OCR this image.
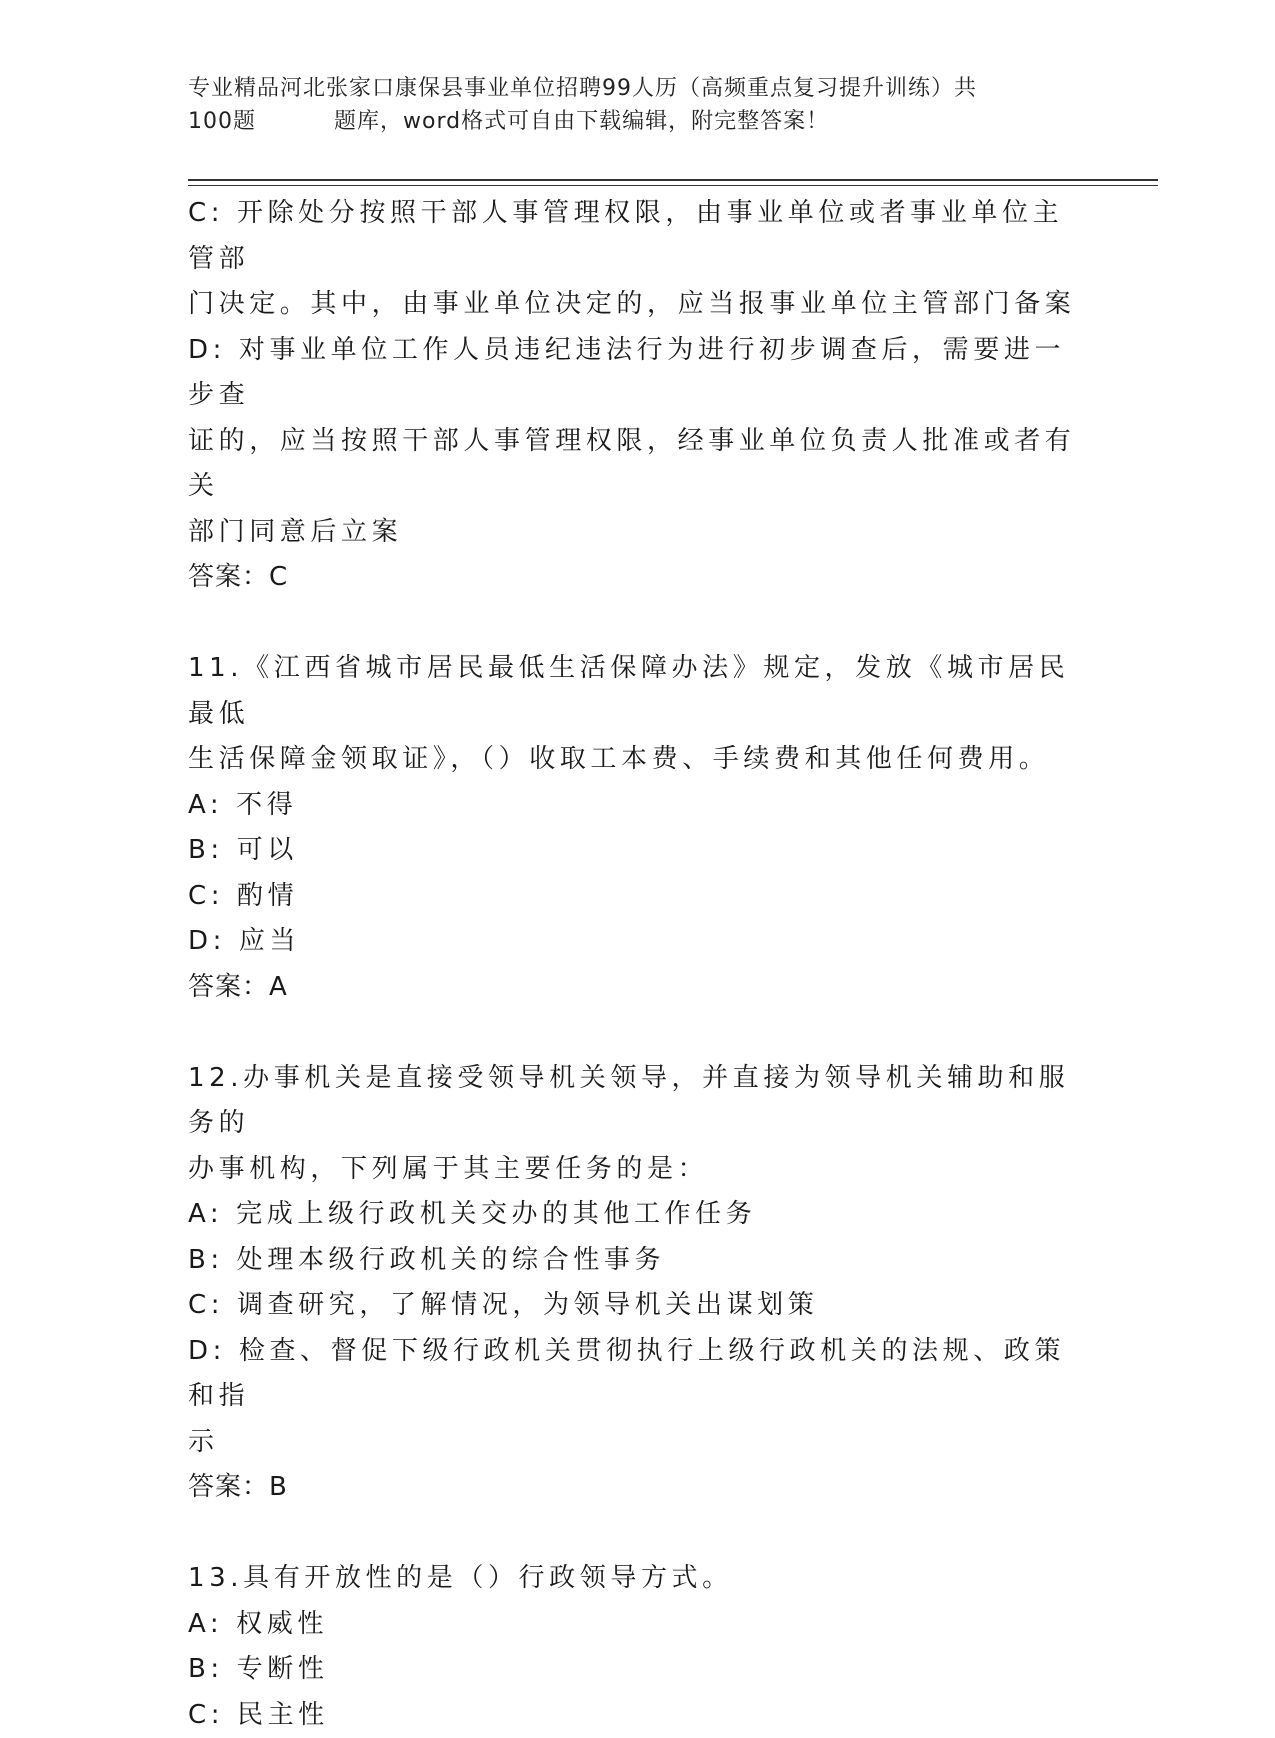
专业精品河北张家口康保县事业单位招聘99人历（高频重点复习提升训练）共
100题	题库，word格式可自由下载编辑，附完整答案！

C: 开除处分按照干部人事管理权限，由事业单位或者事业单位主管部

门决定。其中，由事业单位决定的，应当报事业单位主管部门备案

D: 对事业单位工作人员违纪违法行为进行初步调查后，需要进一步查

证的，应当按照干部人事管理权限，经事业单位负责人批准或者有关

部门同意后立案

答案：C

11.《江西省城市居民最低生活保障办法》规定，发放《城市居民最低

生活保障金领取证》，（）收取工本费、手续费和其他任何费用。

A: 不得

B: 可以

C: 酌情

D: 应当

答案：A

12.办事机关是直接受领导机关领导，并直接为领导机关辅助和服务的

办事机构，下列属于其主要任务的是：

A: 完成上级行政机关交办的其他工作任务

B: 处理本级行政机关的综合性事务

C: 调查研究，了解情况，为领导机关出谋划策

D: 检查、督促下级行政机关贯彻执行上级行政机关的法规、政策和指

示

答案：B

13.具有开放性的是（）行政领导方式。

A: 权威性

B: 专断性

C: 民主性
